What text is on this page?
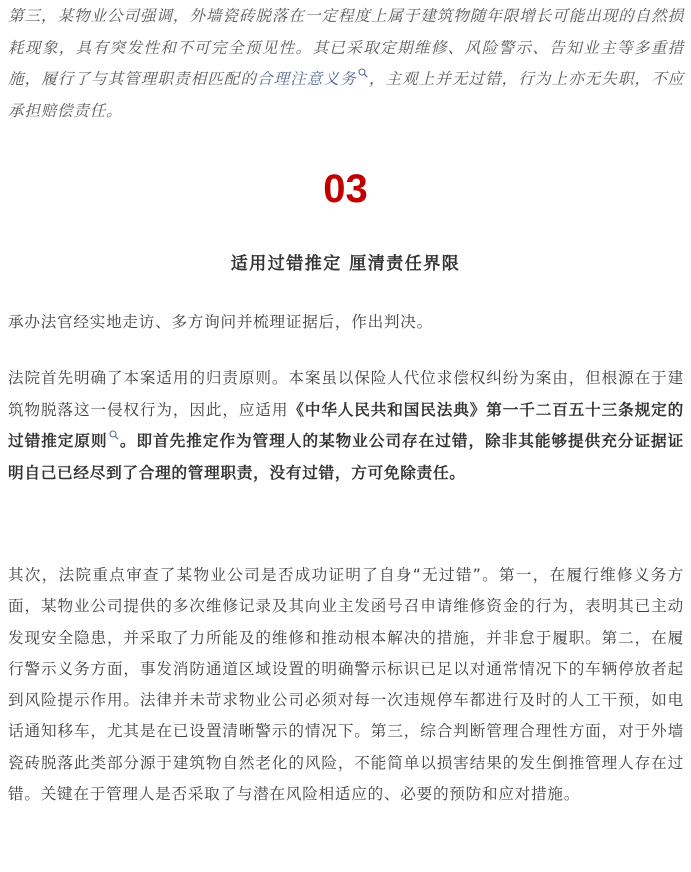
第三，某物业公司强调，外墙瓷砖脱落在一定程度上属于建筑物随年限增长可能出现的自然损耗现象，具有突发性和不可完全预见性。其已采取定期维修、风险警示、告知业主等多重措施，履行了与其管理职责相匹配的合理注意义务 ，主观上并无过错，行为上亦无失职，不应承担赔偿责任。

03
适用过错推定 厘清责任界限

承办法官经实地走访、多方询问并梳理证据后，作出判决。

法院首先明确了本案适用的归责原则。本案虽以保险人代位求偿权纠纷为案由，但根源在于建筑物脱落这一侵权行为，因此，应适用《中华人民共和国民法典》第一千二百五十三条规定的过错推定原则 。即首先推定作为管理人的某物业公司存在过错，除非其能够提供充分证据证明自己已经尽到了合理的管理职责，没有过错，方可免除责任。

其次，法院重点审查了某物业公司是否成功证明了自身“无过错”。第一，在履行维修义务方面，某物业公司提供的多次维修记录及其向业主发函号召申请维修资金的行为，表明其已主动发现安全隐患，并采取了力所能及的维修和推动根本解决的措施，并非怠于履职。第二，在履行警示义务方面，事发消防通道区域设置的明确警示标识已足以对通常情况下的车辆停放者起到风险提示作用。法律并未苛求物业公司必须对每一次违规停车都进行及时的人工干预，如电话通知移车，尤其是在已设置清晰警示的情况下。第三，综合判断管理合理性方面，对于外墙瓷砖脱落此类部分源于建筑物自然老化的风险，不能简单以损害结果的发生倒推管理人存在过错。关键在于管理人是否采取了与潜在风险相适应的、必要的预防和应对措施。
